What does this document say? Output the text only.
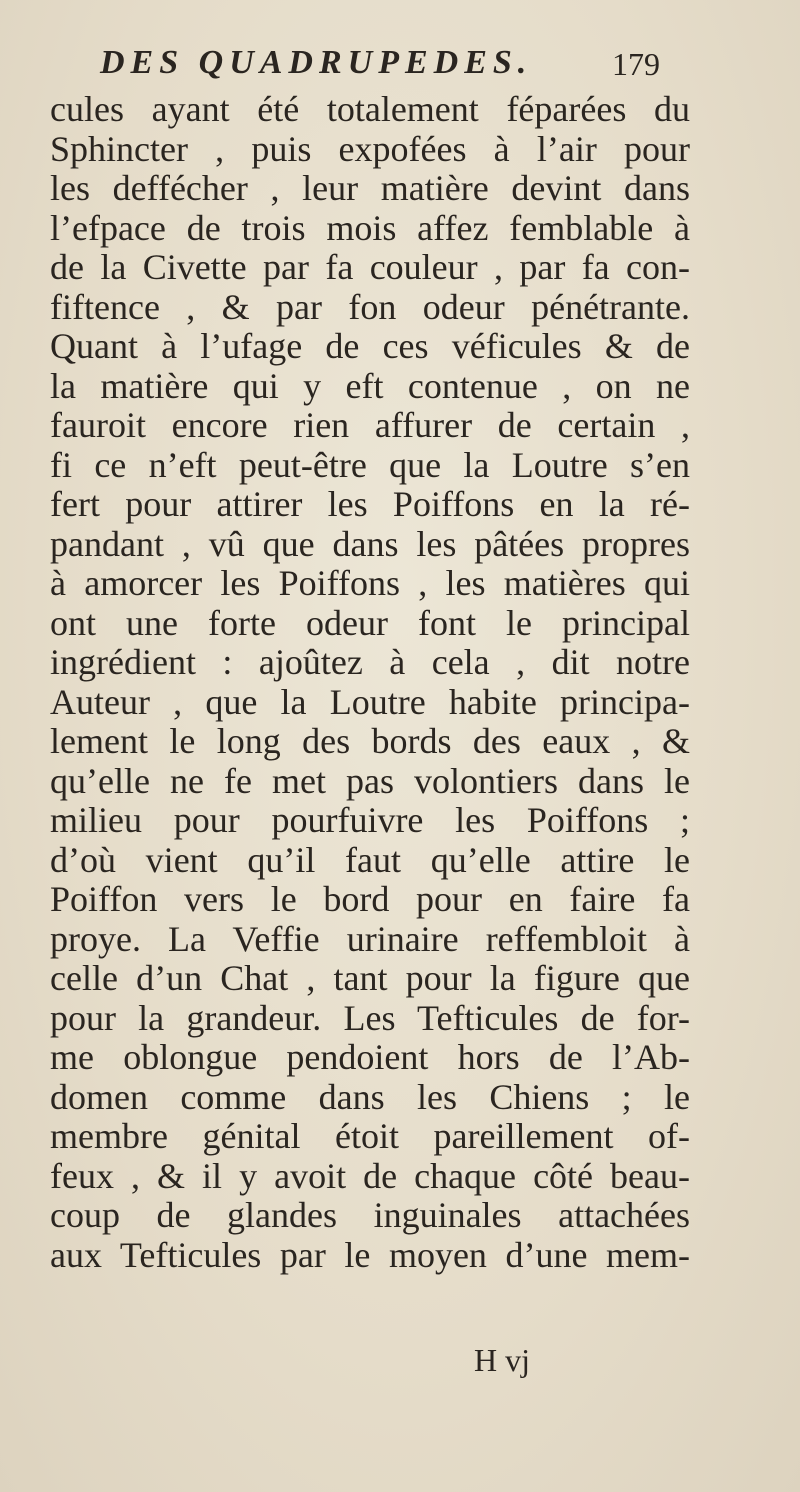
DES QUADRUPEDES. 179
cules ayant été totalement féparées du
Sphincter , puis expofées à l’air pour
les deffécher , leur matière devint dans
l’efpace de trois mois affez femblable à
de la Civette par fa couleur , par fa con-
fiftence , & par fon odeur pénétrante.
Quant à l’ufage de ces véficules & de
la matière qui y eft contenue , on ne
fauroit encore rien affurer de certain ,
fi ce n’eft peut-être que la Loutre s’en
fert pour attirer les Poiffons en la ré-
pandant , vû que dans les pâtées propres
à amorcer les Poiffons , les matières qui
ont une forte odeur font le principal
ingrédient : ajoûtez à cela , dit notre
Auteur , que la Loutre habite principa-
lement le long des bords des eaux , &
qu’elle ne fe met pas volontiers dans le
milieu pour pourfuivre les Poiffons ;
d’où vient qu’il faut qu’elle attire le
Poiffon vers le bord pour en faire fa
proye. La Veffie urinaire reffembloit à
celle d’un Chat , tant pour la figure que
pour la grandeur. Les Tefticules de for-
me oblongue pendoient hors de l’Ab-
domen comme dans les Chiens ; le
membre génital étoit pareillement of-
feux , & il y avoit de chaque côté beau-
coup de glandes inguinales attachées
aux Tefticules par le moyen d’une mem-
H vj
